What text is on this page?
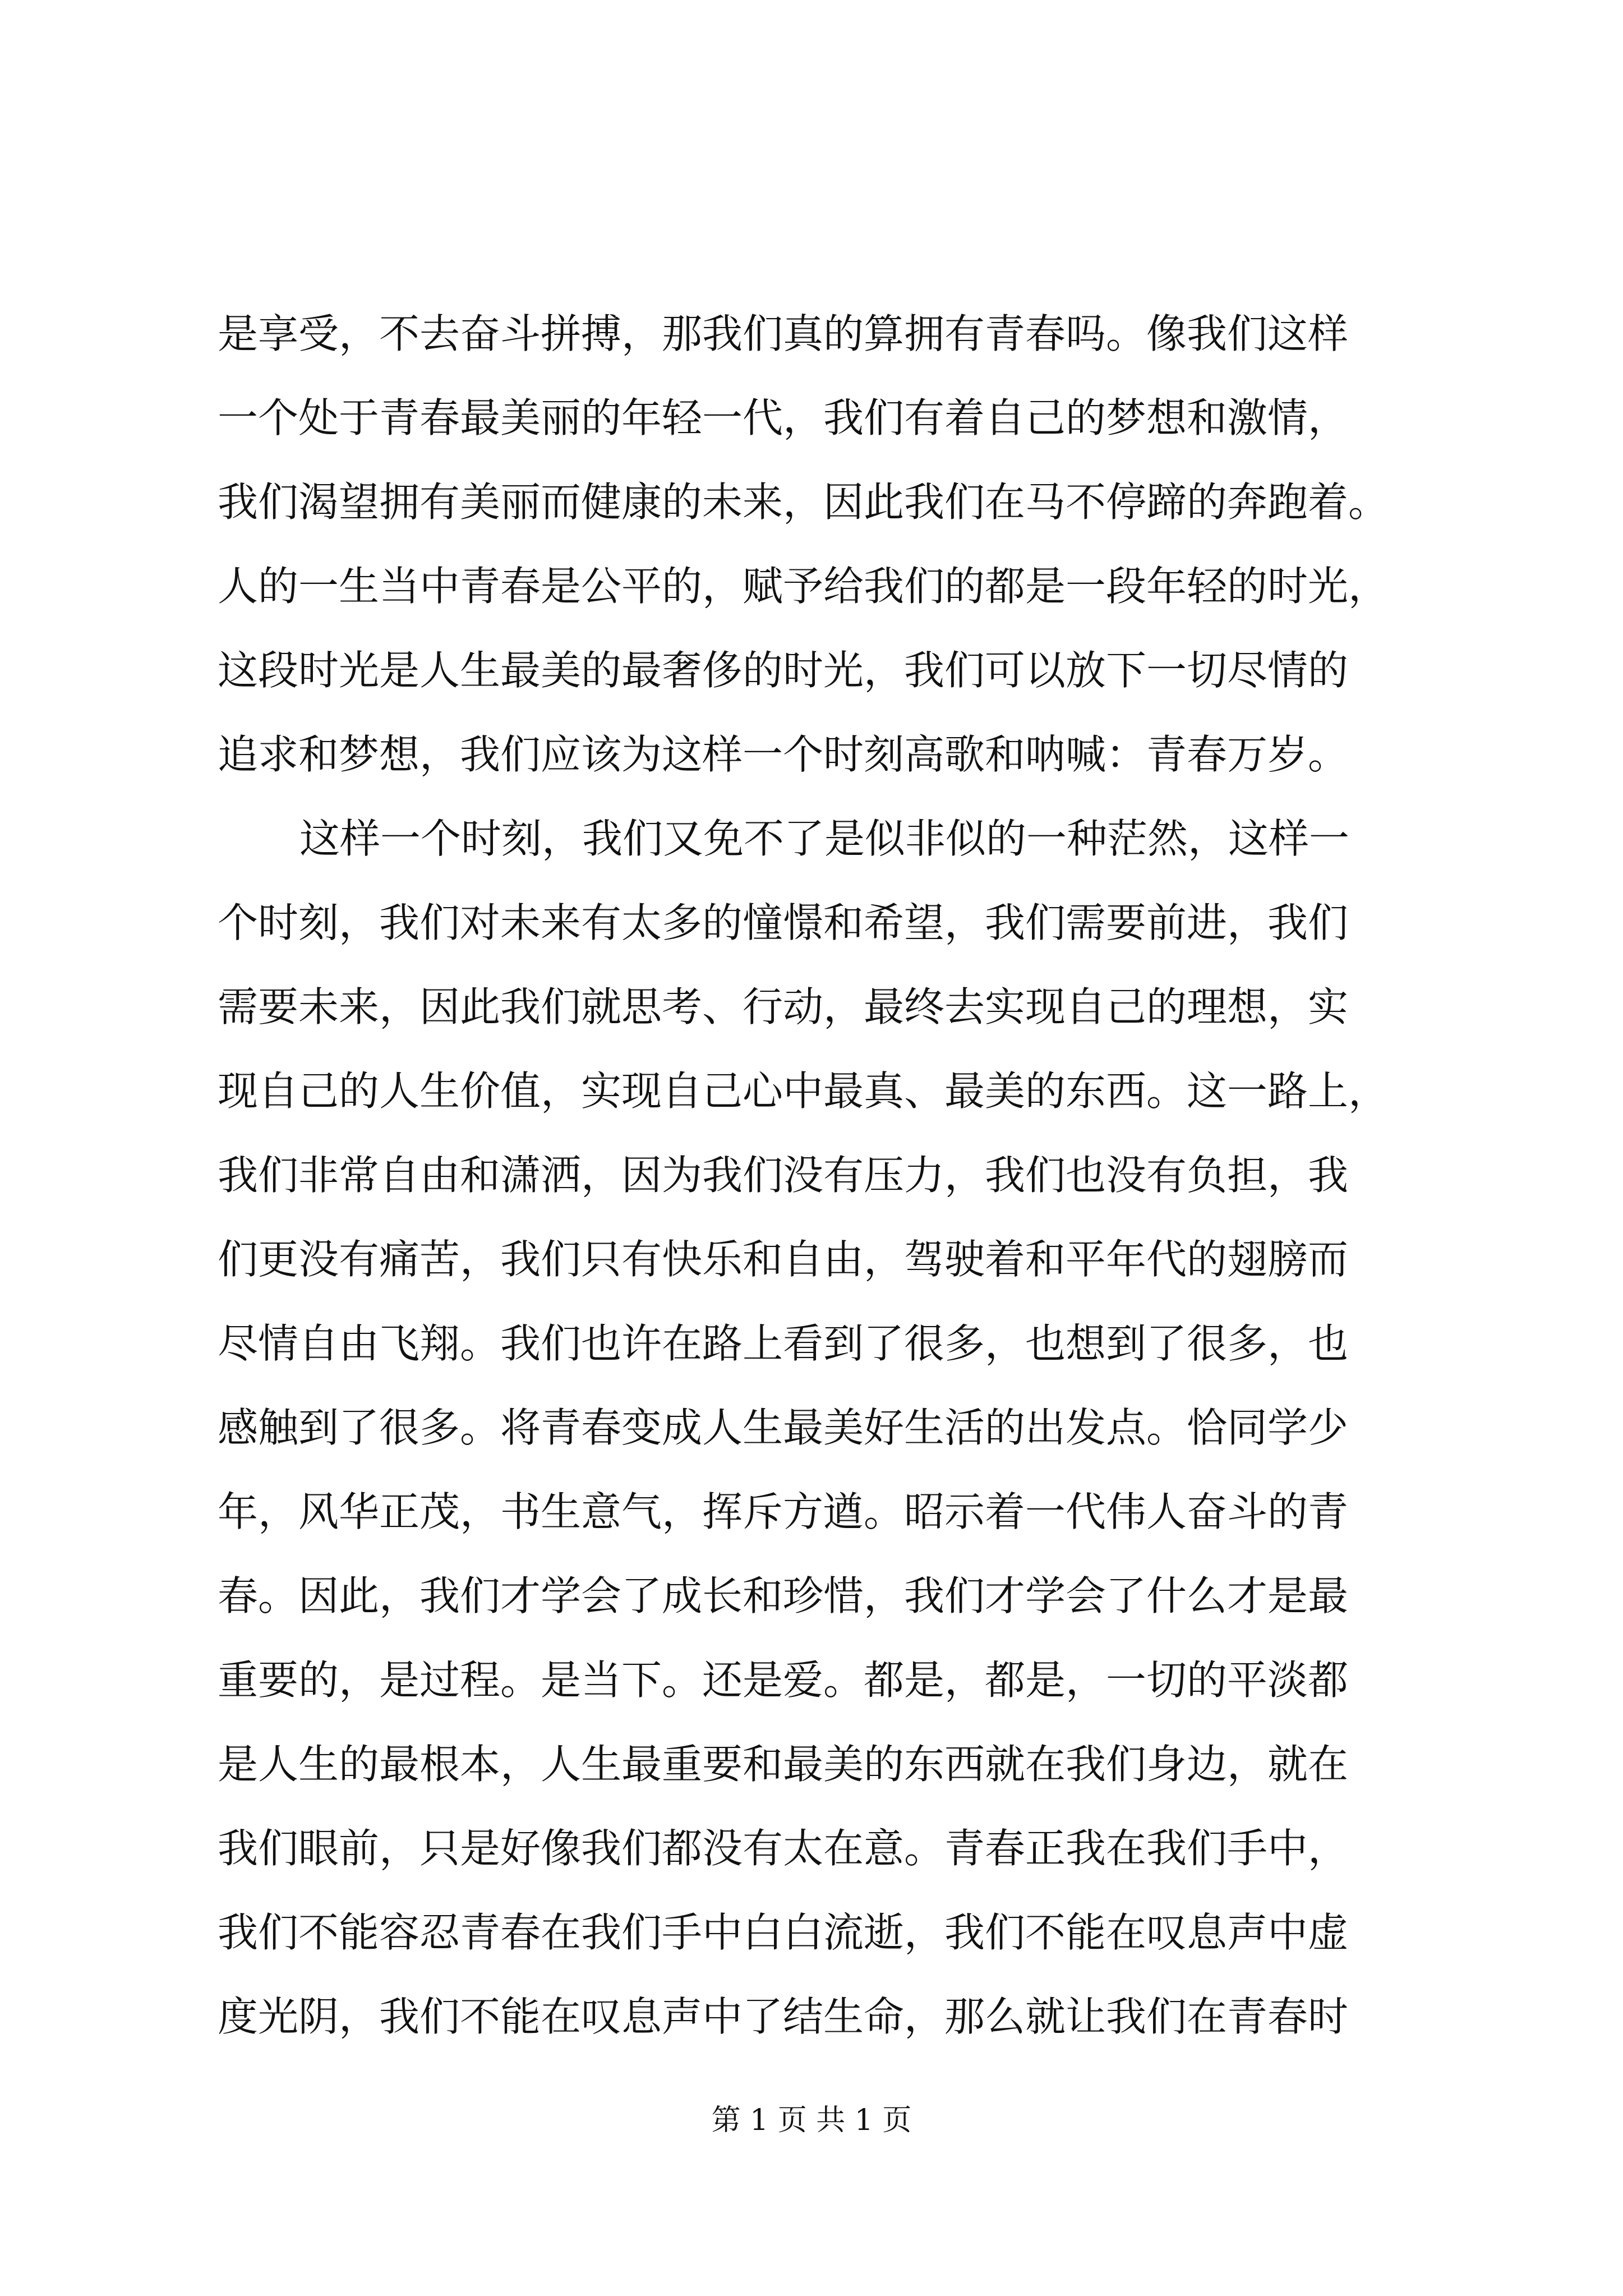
是享受，不去奋斗拼搏，那我们真的算拥有青春吗。像我们这样
一个处于青春最美丽的年轻一代，我们有着自己的梦想和激情，
我们渴望拥有美丽而健康的未来，因此我们在马不停蹄的奔跑着。
人的一生当中青春是公平的，赋予给我们的都是一段年轻的时光，
这段时光是人生最美的最奢侈的时光，我们可以放下一切尽情的
追求和梦想，我们应该为这样一个时刻高歌和呐喊：青春万岁。
这样一个时刻，我们又免不了是似非似的一种茫然，这样一
个时刻，我们对未来有太多的憧憬和希望，我们需要前进，我们
需要未来，因此我们就思考、行动，最终去实现自己的理想，实
现自己的人生价值，实现自己心中最真、最美的东西。这一路上，
我们非常自由和潇洒，因为我们没有压力，我们也没有负担，我
们更没有痛苦，我们只有快乐和自由，驾驶着和平年代的翅膀而
尽情自由飞翔。我们也许在路上看到了很多，也想到了很多，也
感触到了很多。将青春变成人生最美好生活的出发点。恰同学少
年，风华正茂，书生意气，挥斥方遒。昭示着一代伟人奋斗的青
春。因此，我们才学会了成长和珍惜，我们才学会了什么才是最
重要的，是过程。是当下。还是爱。都是，都是，一切的平淡都
是人生的最根本，人生最重要和最美的东西就在我们身边，就在
我们眼前，只是好像我们都没有太在意。青春正我在我们手中，
我们不能容忍青春在我们手中白白流逝，我们不能在叹息声中虚
度光阴，我们不能在叹息声中了结生命，那么就让我们在青春时
第 1 页 共 1 页
